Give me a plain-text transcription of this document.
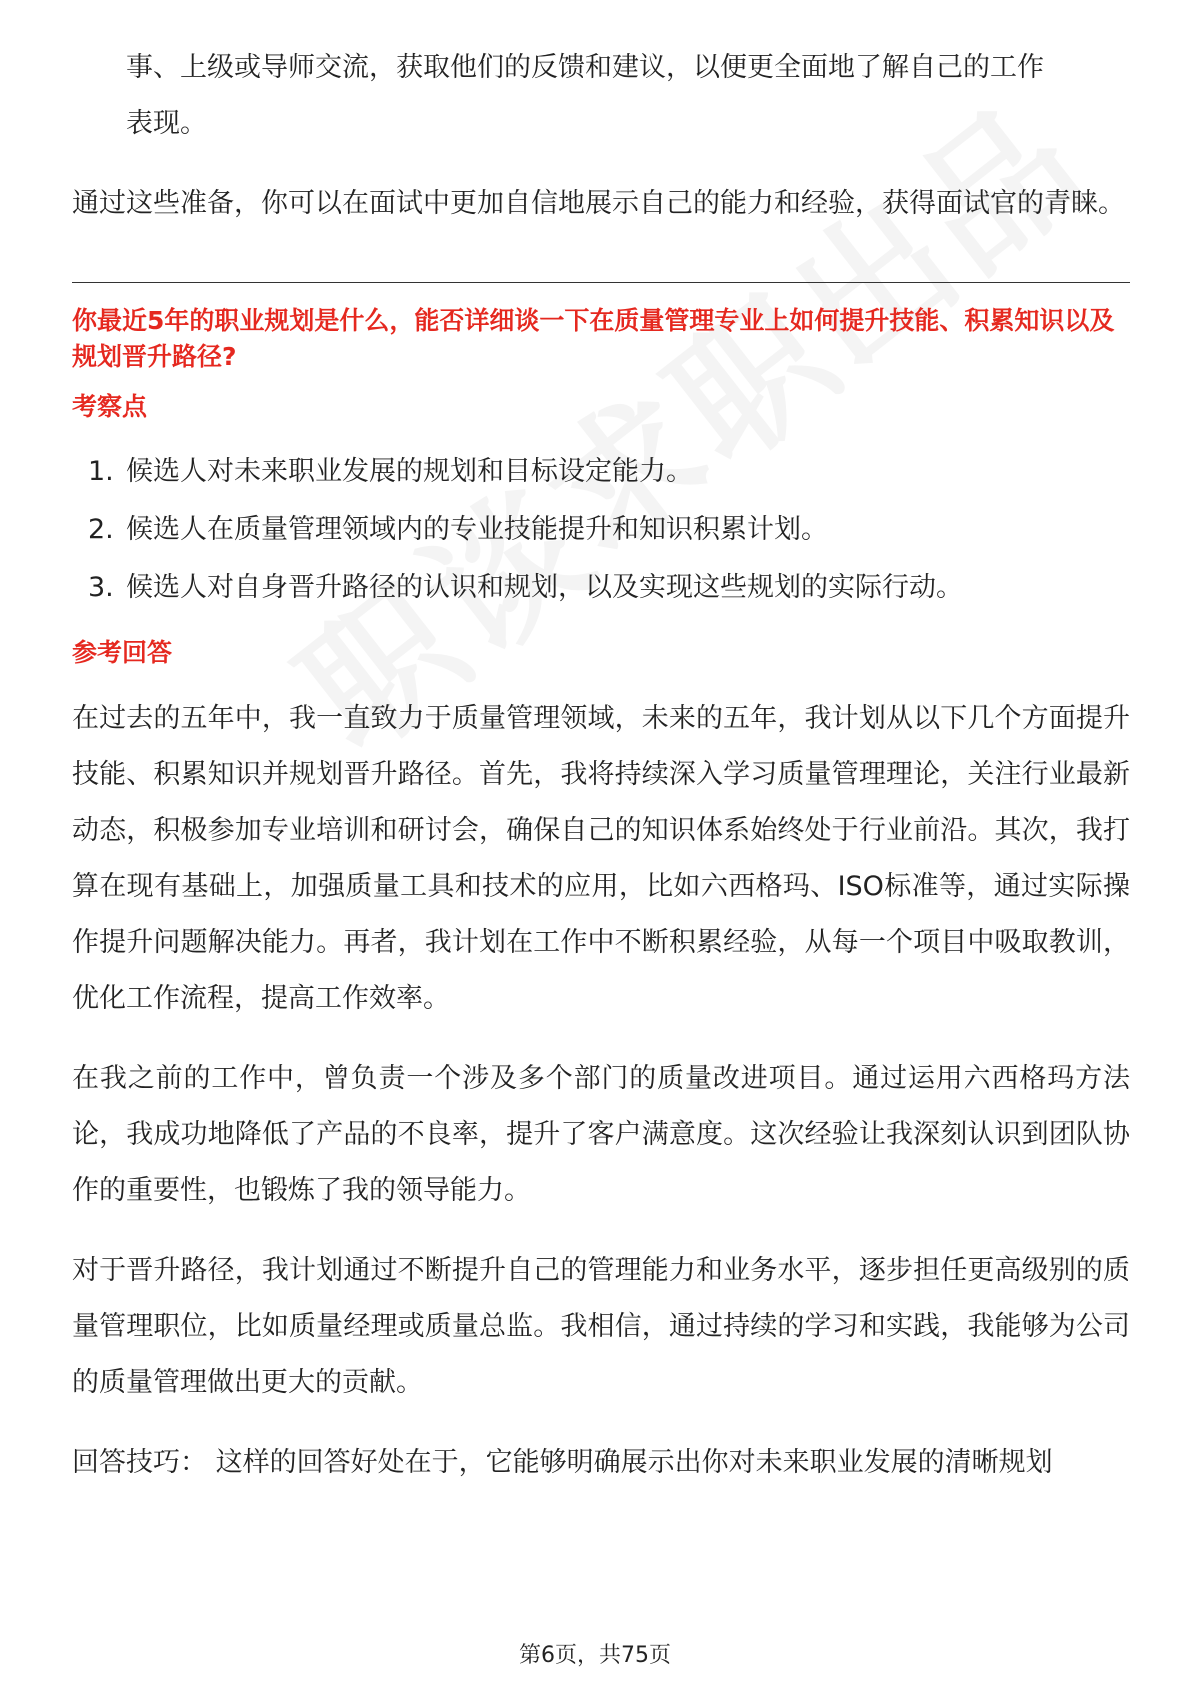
事、上级或导师交流，获取他们的反馈和建议，以便更全面地了解自己的工作

表现。

通过这些准备，你可以在面试中更加自信地展示自己的能力和经验，获得面试官的青睐。

你最近5年的职业规划是什么，能否详细谈一下在质量管理专业上如何提升技能、积累知识以及规划晋升路径?

考察点

1. 候选人对未来职业发展的规划和目标设定能力。
2. 候选人在质量管理领域内的专业技能提升和知识积累计划。
3. 候选人对自身晋升路径的认识和规划，以及实现这些规划的实际行动。

参考回答

在过去的五年中，我一直致力于质量管理领域，未来的五年，我计划从以下几个方面提升技能、积累知识并规划晋升路径。首先，我将持续深入学习质量管理理论，关注行业最新动态，积极参加专业培训和研讨会，确保自己的知识体系始终处于行业前沿。其次，我打算在现有基础上，加强质量工具和技术的应用，比如六西格玛、ISO标准等，通过实际操作提升问题解决能力。再者，我计划在工作中不断积累经验，从每一个项目中吸取教训，优化工作流程，提高工作效率。

在我之前的工作中，曾负责一个涉及多个部门的质量改进项目。通过运用六西格玛方法论，我成功地降低了产品的不良率，提升了客户满意度。这次经验让我深刻认识到团队协作的重要性，也锻炼了我的领导能力。

对于晋升路径，我计划通过不断提升自己的管理能力和业务水平，逐步担任更高级别的质量管理职位，比如质量经理或质量总监。我相信，通过持续的学习和实践，我能够为公司的质量管理做出更大的贡献。

回答技巧： 这样的回答好处在于，它能够明确展示出你对未来职业发展的清晰规划

第6页，共75页
